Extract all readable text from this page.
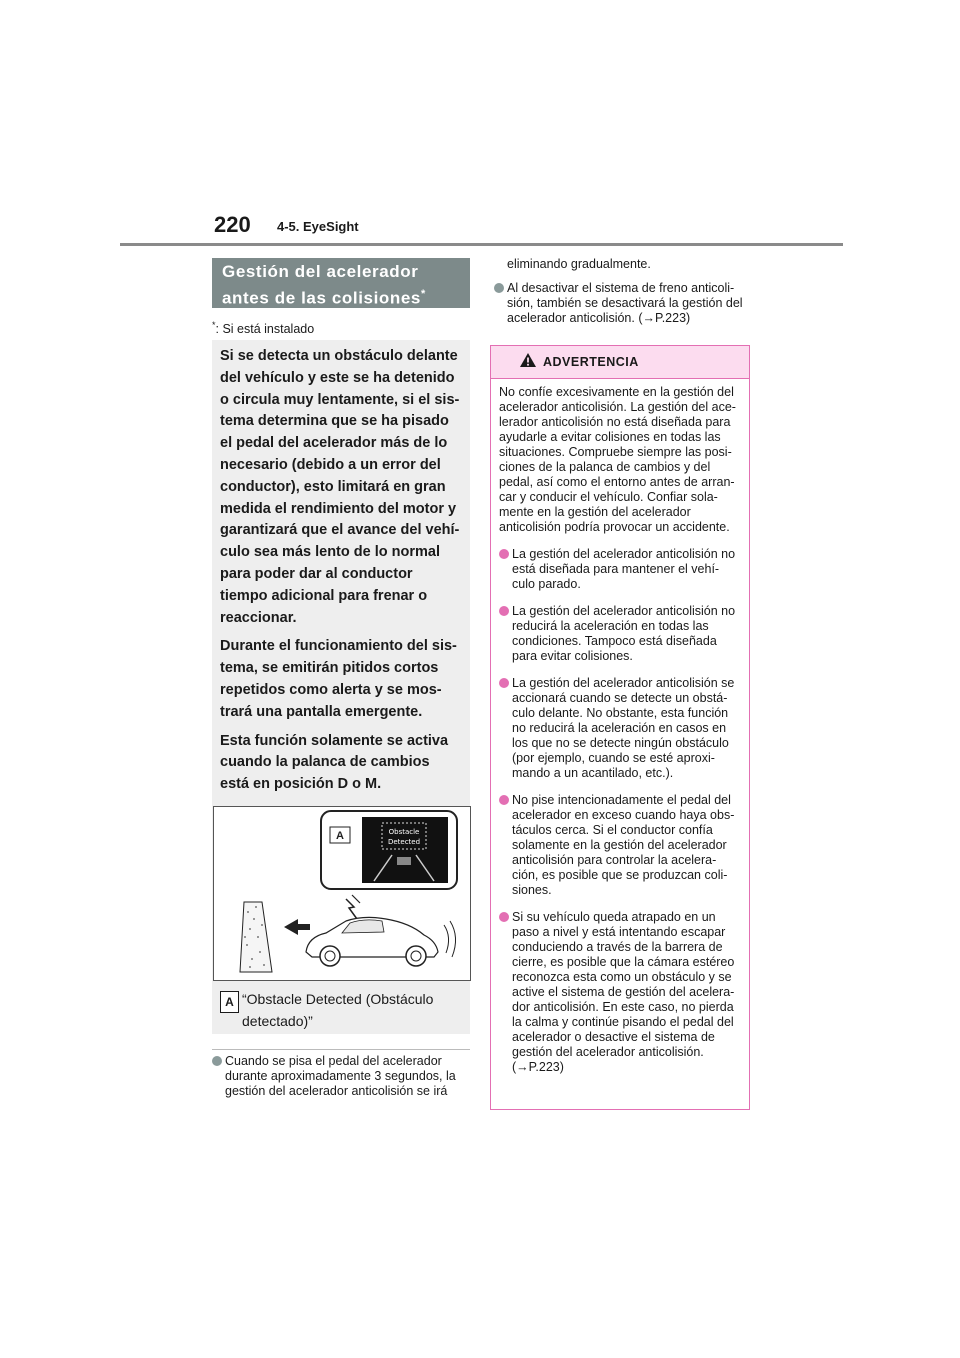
220 4-5. EyeSight
Gestión del acelerador
antes de las colisiones*
*: Si está instalado

Si se detecta un obstáculo delante
del vehículo y este se ha detenido
o circula muy lentamente, si el sis-
tema determina que se ha pisado
el pedal del acelerador más de lo
necesario (debido a un error del
conductor), esto limitará en gran
medida el rendimiento del motor y
garantizará que el avance del vehí-
culo sea más lento de lo normal
para poder dar al conductor
tiempo adicional para frenar o
reaccionar.

Durante el funcionamiento del sis-
tema, se emitirán pitidos cortos
repetidos como alerta y se mos-
trará una pantalla emergente.

Esta función solamente se activa
cuando la palanca de cambios
está en posición D o M.

A	Obstacle
Detected
A “Obstacle Detected (Obstáculo
detectado)”
Cuando se pisa el pedal del acelerador
durante aproximadamente 3 segundos, la
gestión del acelerador anticolisión se irá
eliminando gradualmente.
Al desactivar el sistema de freno anticoli-
sión, también se desactivará la gestión del
acelerador anticolisión. (→P.223)
ADVERTENCIA

No confíe excesivamente en la gestión del
acelerador anticolisión. La gestión del ace-
lerador anticolisión no está diseñada para
ayudarle a evitar colisiones en todas las
situaciones. Compruebe siempre las posi-
ciones de la palanca de cambios y del
pedal, así como el entorno antes de arran-
car y conducir el vehículo. Confiar sola-
mente en la gestión del acelerador
anticolisión podría provocar un accidente.

La gestión del acelerador anticolisión no
está diseñada para mantener el vehí-
culo parado.
La gestión del acelerador anticolisión no
reducirá la aceleración en todas las
condiciones. Tampoco está diseñada
para evitar colisiones.
La gestión del acelerador anticolisión se
accionará cuando se detecte un obstá-
culo delante. No obstante, esta función
no reducirá la aceleración en casos en
los que no se detecte ningún obstáculo
(por ejemplo, cuando se esté aproxi-
mando a un acantilado, etc.).
No pise intencionadamente el pedal del
acelerador en exceso cuando haya obs-
táculos cerca. Si el conductor confía
solamente en la gestión del acelerador
anticolisión para controlar la acelera-
ción, es posible que se produzcan coli-
siones.
Si su vehículo queda atrapado en un
paso a nivel y está intentando escapar
conduciendo a través de la barrera de
cierre, es posible que la cámara estéreo
reconozca esta como un obstáculo y se
active el sistema de gestión del acelera-
dor anticolisión. En este caso, no pierda
la calma y continúe pisando el pedal del
acelerador o desactive el sistema de
gestión del acelerador anticolisión.
(→P.223)
